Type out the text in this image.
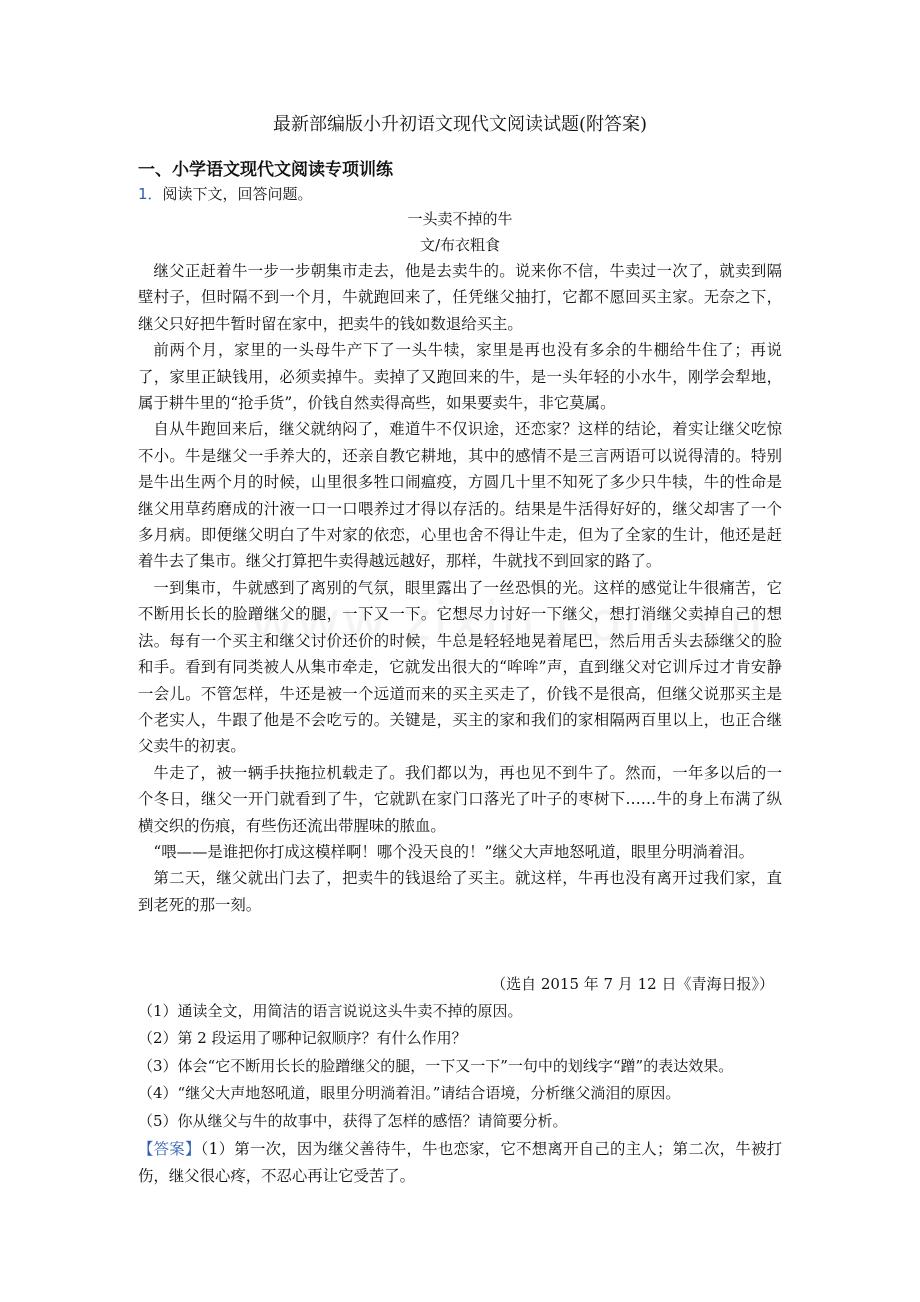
最新部编版小升初语文现代文阅读试题(附答案)
一、小学语文现代文阅读专项训练
1．阅读下文，回答问题。
一头卖不掉的牛
文/布衣粗食

继父正赶着牛一步一步朝集市走去，他是去卖牛的。说来你不信，牛卖过一次了，就卖到隔壁村子，但时隔不到一个月，牛就跑回来了，任凭继父抽打，它都不愿回买主家。无奈之下，继父只好把牛暂时留在家中，把卖牛的钱如数退给买主。

前两个月，家里的一头母牛产下了一头牛犊，家里是再也没有多余的牛棚给牛住了；再说了，家里正缺钱用，必须卖掉牛。卖掉了又跑回来的牛，是一头年轻的小水牛，刚学会犁地，属于耕牛里的“抢手货”，价钱自然卖得高些，如果要卖牛，非它莫属。

自从牛跑回来后，继父就纳闷了，难道牛不仅识途，还恋家？这样的结论，着实让继父吃惊不小。牛是继父一手养大的，还亲自教它耕地，其中的感情不是三言两语可以说得清的。特别是牛出生两个月的时候，山里很多牲口闹瘟疫，方圆几十里不知死了多少只牛犊，牛的性命是继父用草药磨成的汁液一口一口喂养过才得以存活的。结果是牛活得好好的，继父却害了一个多月病。即便继父明白了牛对家的依恋，心里也舍不得让牛走，但为了全家的生计，他还是赶着牛去了集市。继父打算把牛卖得越远越好，那样，牛就找不到回家的路了。

一到集市，牛就感到了离别的气氛，眼里露出了一丝恐惧的光。这样的感觉让牛很痛苦，它不断用长长的脸蹭继父的腿，一下又一下。它想尽力讨好一下继父，想打消继父卖掉自己的想法。每有一个买主和继父讨价还价的时候，牛总是轻轻地晃着尾巴，然后用舌头去舔继父的脸和手。看到有同类被人从集市牵走，它就发出很大的“哞哞”声，直到继父对它训斥过才肯安静一会儿。不管怎样，牛还是被一个远道而来的买主买走了，价钱不是很高，但继父说那买主是个老实人，牛跟了他是不会吃亏的。关键是，买主的家和我们的家相隔两百里以上，也正合继父卖牛的初衷。

牛走了，被一辆手扶拖拉机载走了。我们都以为，再也见不到牛了。然而，一年多以后的一个冬日，继父一开门就看到了牛，它就趴在家门口落光了叶子的枣树下……牛的身上布满了纵横交织的伤痕，有些伤还流出带腥味的脓血。

“喂——是谁把你打成这模样啊！哪个没天良的！”继父大声地怒吼道，眼里分明淌着泪。

第二天，继父就出门去了，把卖牛的钱退给了买主。就这样，牛再也没有离开过我们家，直到老死的那一刻。

（选自 2015 年 7 月 12 日《青海日报》）

（1）通读全文，用简洁的语言说说这头牛卖不掉的原因。

（2）第 2 段运用了哪种记叙顺序？有什么作用？

（3）体会“它不断用长长的脸蹭继父的腿，一下又一下”一句中的划线字“蹭”的表达效果。

（4）“继父大声地怒吼道，眼里分明淌着泪。”请结合语境，分析继父淌泪的原因。

（5）你从继父与牛的故事中，获得了怎样的感悟？请简要分析。

【答案】（1）第一次，因为继父善待牛，牛也恋家，它不想离开自己的主人；第二次，牛被打伤，继父很心疼，不忍心再让它受苦了。
